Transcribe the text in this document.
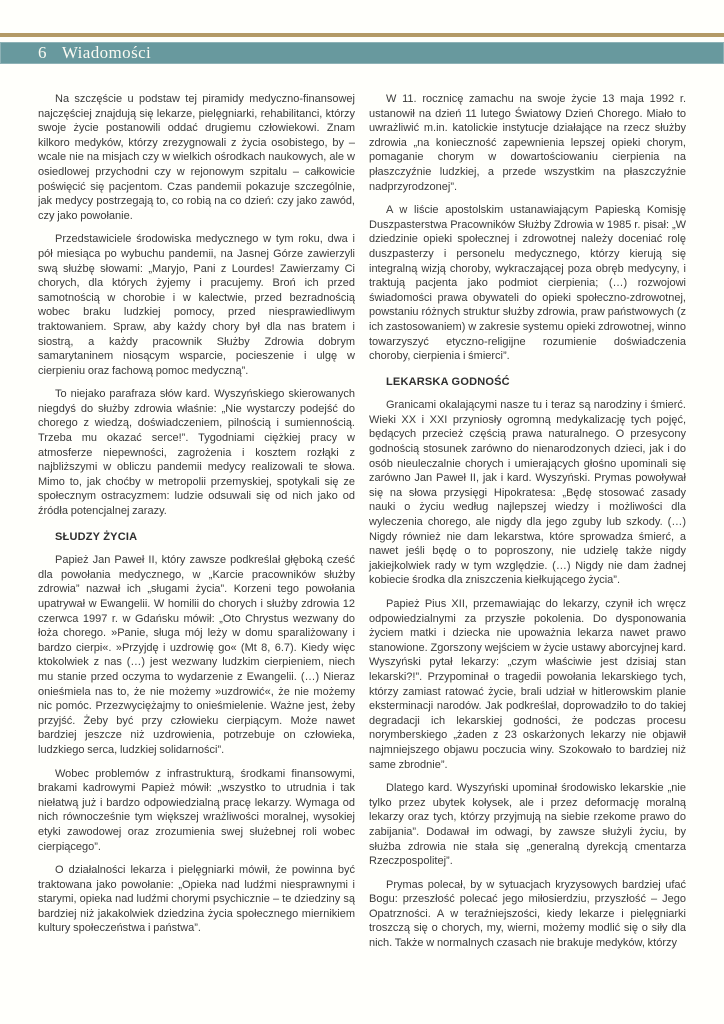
6 Wiadomości

Na szczęście u podstaw tej piramidy medyczno-finansowej najczęściej znajdują się lekarze, pielęgniarki, rehabilitanci, którzy swoje życie postanowili oddać drugiemu człowiekowi. Znam kilkoro medyków, którzy zrezygnowali z życia osobistego, by – wcale nie na misjach czy w wielkich ośrodkach naukowych, ale w osiedlowej przychodni czy w rejonowym szpitalu – całkowicie poświęcić się pacjentom. Czas pandemii pokazuje szczególnie, jak medycy postrzegają to, co robią na co dzień: czy jako zawód, czy jako powołanie.

Przedstawiciele środowiska medycznego w tym roku, dwa i pół miesiąca po wybuchu pandemii, na Jasnej Górze zawierzyli swą służbę słowami: „Maryjo, Pani z Lourdes! Zawierzamy Ci chorych, dla których żyjemy i pracujemy. Broń ich przed samotnością w chorobie i w kalectwie, przed bezradnością wobec braku ludzkiej pomocy, przed niesprawiedliwym traktowaniem. Spraw, aby każdy chory był dla nas bratem i siostrą, a każdy pracownik Służby Zdrowia dobrym samarytaninem niosącym wsparcie, pocieszenie i ulgę w cierpieniu oraz fachową pomoc medyczną”.

To niejako parafraza słów kard. Wyszyńskiego skierowanych niegdyś do służby zdrowia właśnie: „Nie wystarczy podejść do chorego z wiedzą, doświadczeniem, pilnością i sumiennością. Trzeba mu okazać serce!”. Tygodniami ciężkiej pracy w atmosferze niepewności, zagrożenia i kosztem rozłąki z najbliższymi w obliczu pandemii medycy realizowali te słowa. Mimo to, jak choćby w metropolii przemyskiej, spotykali się ze społecznym ostracyzmem: ludzie odsuwali się od nich jako od źródła potencjalnej zarazy.

SŁUDZY ŻYCIA

Papież Jan Paweł II, który zawsze podkreślał głęboką cześć dla powołania medycznego, w „Karcie pracowników służby zdrowia” nazwał ich „sługami życia”. Korzeni tego powołania upatrywał w Ewangelii. W homilii do chorych i służby zdrowia 12 czerwca 1997 r. w Gdańsku mówił: „Oto Chrystus wezwany do łoża chorego. »Panie, sługa mój leży w domu sparaliżowany i bardzo cierpi«. »Przyjdę i uzdrowię go« (Mt 8, 6.7). Kiedy więc ktokolwiek z nas (…) jest wezwany ludzkim cierpieniem, niech mu stanie przed oczyma to wydarzenie z Ewangelii. (…) Nieraz onieśmiela nas to, że nie możemy »uzdrowić«, że nie możemy nic pomóc. Przezwyciężajmy to onieśmielenie. Ważne jest, żeby przyjść. Żeby być przy człowieku cierpiącym. Może nawet bardziej jeszcze niż uzdrowienia, potrzebuje on człowieka, ludzkiego serca, ludzkiej solidarności”.

Wobec problemów z infrastrukturą, środkami finansowymi, brakami kadrowymi Papież mówił: „wszystko to utrudnia i tak niełatwą już i bardzo odpowiedzialną pracę lekarzy. Wymaga od nich równocześnie tym większej wrażliwości moralnej, wysokiej etyki zawodowej oraz zrozumienia swej służebnej roli wobec cierpiącego”.

O działalności lekarza i pielęgniarki mówił, że powinna być traktowana jako powołanie: „Opieka nad ludźmi niesprawnymi i starymi, opieka nad ludźmi chorymi psychicznie – te dziedziny są bardziej niż jakakolwiek dziedzina życia społecznego miernikiem kultury społeczeństwa i państwa”.

W 11. rocznicę zamachu na swoje życie 13 maja 1992 r. ustanowił na dzień 11 lutego Światowy Dzień Chorego. Miało to uwrażliwić m.in. katolickie instytucje działające na rzecz służby zdrowia „na konieczność zapewnienia lepszej opieki chorym, pomaganie chorym w dowartościowaniu cierpienia na płaszczyźnie ludzkiej, a przede wszystkim na płaszczyźnie nadprzyrodzonej”.

A w liście apostolskim ustanawiającym Papieską Komisję Duszpasterstwa Pracowników Służby Zdrowia w 1985 r. pisał: „W dziedzinie opieki społecznej i zdrowotnej należy doceniać rolę duszpasterzy i personelu medycznego, którzy kierują się integralną wizją choroby, wykraczającej poza obręb medycyny, i traktują pacjenta jako podmiot cierpienia; (…) rozwojowi świadomości prawa obywateli do opieki społeczno-zdrowotnej, powstaniu różnych struktur służby zdrowia, praw państwowych (z ich zastosowaniem) w zakresie systemu opieki zdrowotnej, winno towarzyszyć etyczno-religijne rozumienie doświadczenia choroby, cierpienia i śmierci”.

LEKARSKA GODNOŚĆ

Granicami okalającymi nasze tu i teraz są narodziny i śmierć. Wieki XX i XXI przyniosły ogromną medykalizację tych pojęć, będących przecież częścią prawa naturalnego. O przesycony godnością stosunek zarówno do nienarodzonych dzieci, jak i do osób nieuleczalnie chorych i umierających głośno upominali się zarówno Jan Paweł II, jak i kard. Wyszyński. Prymas powoływał się na słowa przysięgi Hipokratesa: „Będę stosować zasady nauki o życiu według najlepszej wiedzy i możliwości dla wyleczenia chorego, ale nigdy dla jego zguby lub szkody. (…) Nigdy również nie dam lekarstwa, które sprowadza śmierć, a nawet jeśli będę o to poproszony, nie udzielę także nigdy jakiejkolwiek rady w tym względzie. (…) Nigdy nie dam żadnej kobiecie środka dla zniszczenia kiełkującego życia”.

Papież Pius XII, przemawiając do lekarzy, czynił ich wręcz odpowiedzialnymi za przyszłe pokolenia. Do dysponowania życiem matki i dziecka nie upoważnia lekarza nawet prawo stanowione. Zgorszony wejściem w życie ustawy aborcyjnej kard. Wyszyński pytał lekarzy: „czym właściwie jest dzisiaj stan lekarski?!”. Przypominał o tragedii powołania lekarskiego tych, którzy zamiast ratować życie, brali udział w hitlerowskim planie eksterminacji narodów. Jak podkreślał, doprowadziło to do takiej degradacji ich lekarskiej godności, że podczas procesu norymberskiego „żaden z 23 oskarżonych lekarzy nie objawił najmniejszego objawu poczucia winy. Szokowało to bardziej niż same zbrodnie”.

Dlatego kard. Wyszyński upominał środowisko lekarskie „nie tylko przez ubytek kołysek, ale i przez deformację moralną lekarzy oraz tych, którzy przyjmują na siebie rzekome prawo do zabijania”. Dodawał im odwagi, by zawsze służyli życiu, by służba zdrowia nie stała się „generalną dyrekcją cmentarza Rzeczpospolitej”.

Prymas polecał, by w sytuacjach kryzysowych bardziej ufać Bogu: przeszłość polecać jego miłosierdziu, przyszłość – Jego Opatrzności. A w teraźniejszości, kiedy lekarze i pielęgniarki troszczą się o chorych, my, wierni, możemy modlić się o siły dla nich. Także w normalnych czasach nie brakuje medyków, którzy
